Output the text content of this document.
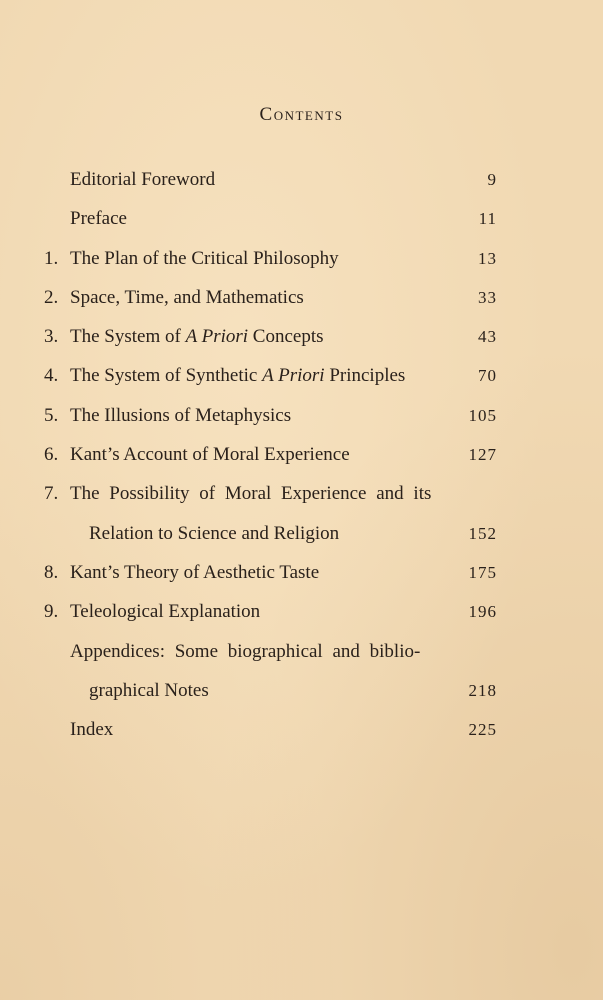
Contents
Editorial Foreword	9
Preface	11
1. The Plan of the Critical Philosophy	13
2. Space, Time, and Mathematics	33
3. The System of A Priori Concepts	43
4. The System of Synthetic A Priori Principles	70
5. The Illusions of Metaphysics	105
6. Kant’s Account of Moral Experience	127
7. The Possibility of Moral Experience and its
Relation to Science and Religion	152
8. Kant’s Theory of Aesthetic Taste	175
9. Teleological Explanation	196
Appendices: Some biographical and biblio-
graphical Notes	218
Index	225
